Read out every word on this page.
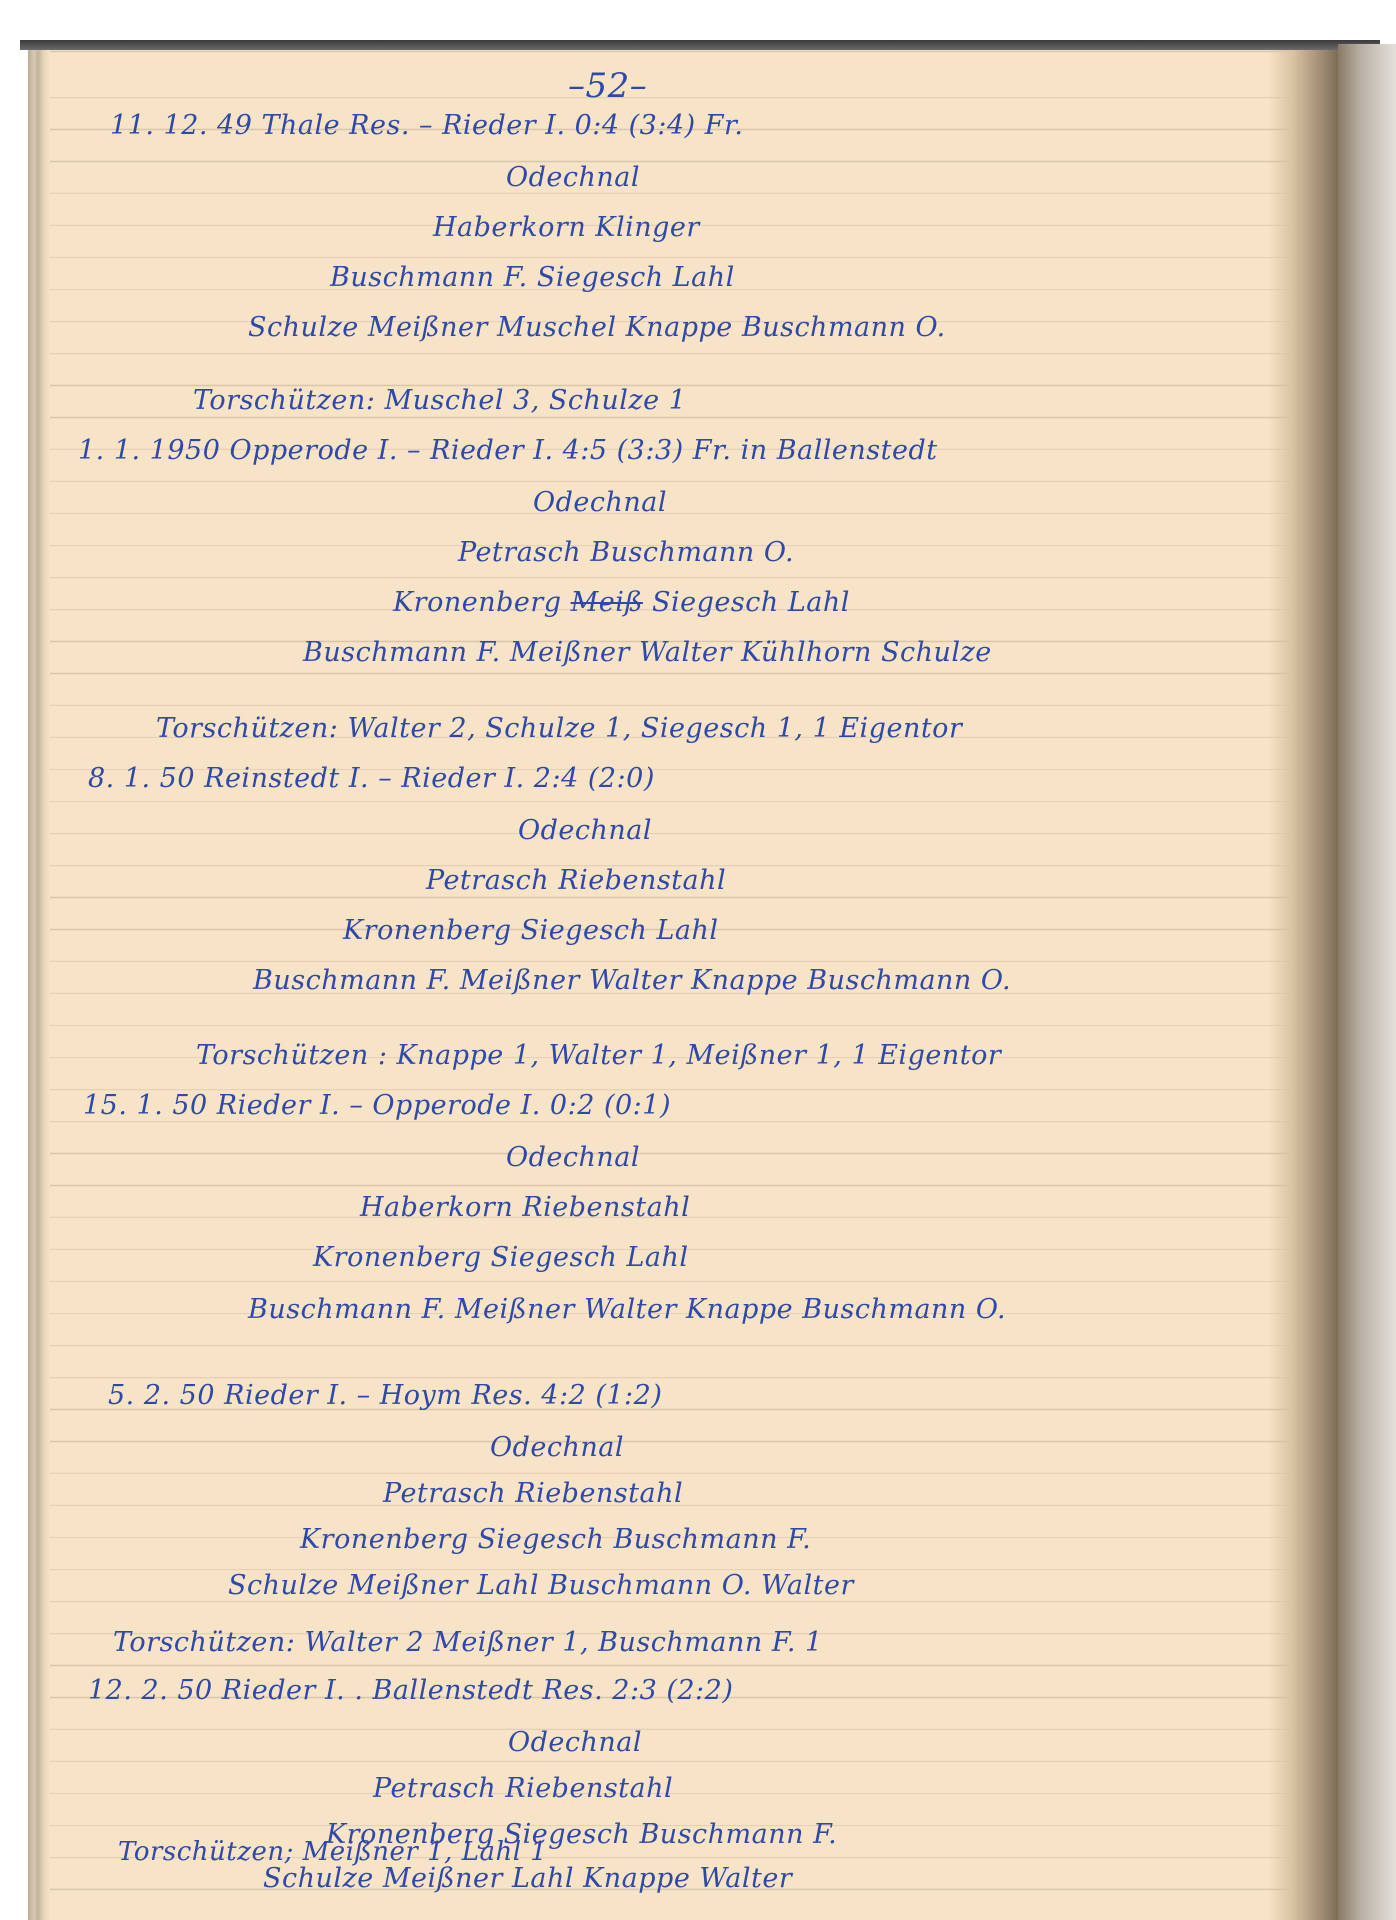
–52–
11. 12. 49 Thale Res. – Rieder I. 0:4 (3:4) Fr.
Odechnal
Haberkorn Klinger
Buschmann F. Siegesch Lahl
Schulze Meißner Muschel Knappe Buschmann O.
Torschützen: Muschel 3, Schulze 1
1. 1. 1950 Opperode I. – Rieder I. 4:5 (3:3) Fr. in Ballenstedt
Odechnal
Petrasch Buschmann O.
Kronenberg Meiß Siegesch Lahl
Buschmann F. Meißner Walter Kühlhorn Schulze
Torschützen: Walter 2, Schulze 1, Siegesch 1, 1 Eigentor
8. 1. 50 Reinstedt I. – Rieder I. 2:4 (2:0)
Odechnal
Petrasch Riebenstahl
Kronenberg Siegesch Lahl
Buschmann F. Meißner Walter Knappe Buschmann O.
Torschützen : Knappe 1, Walter 1, Meißner 1, 1 Eigentor
15. 1. 50 Rieder I. – Opperode I. 0:2 (0:1)
Odechnal
Haberkorn Riebenstahl
Kronenberg Siegesch Lahl
Buschmann F. Meißner Walter Knappe Buschmann O.
5. 2. 50 Rieder I. – Hoym Res. 4:2 (1:2)
Odechnal
Petrasch Riebenstahl
Kronenberg Siegesch Buschmann F.
Schulze Meißner Lahl Buschmann O. Walter
Torschützen: Walter 2 Meißner 1, Buschmann F. 1
12. 2. 50 Rieder I. . Ballenstedt Res. 2:3 (2:2)
Odechnal
Petrasch Riebenstahl
Kronenberg Siegesch Buschmann F.
Schulze Meißner Lahl Knappe Walter
Torschützen; Meißner 1, Lahl 1
